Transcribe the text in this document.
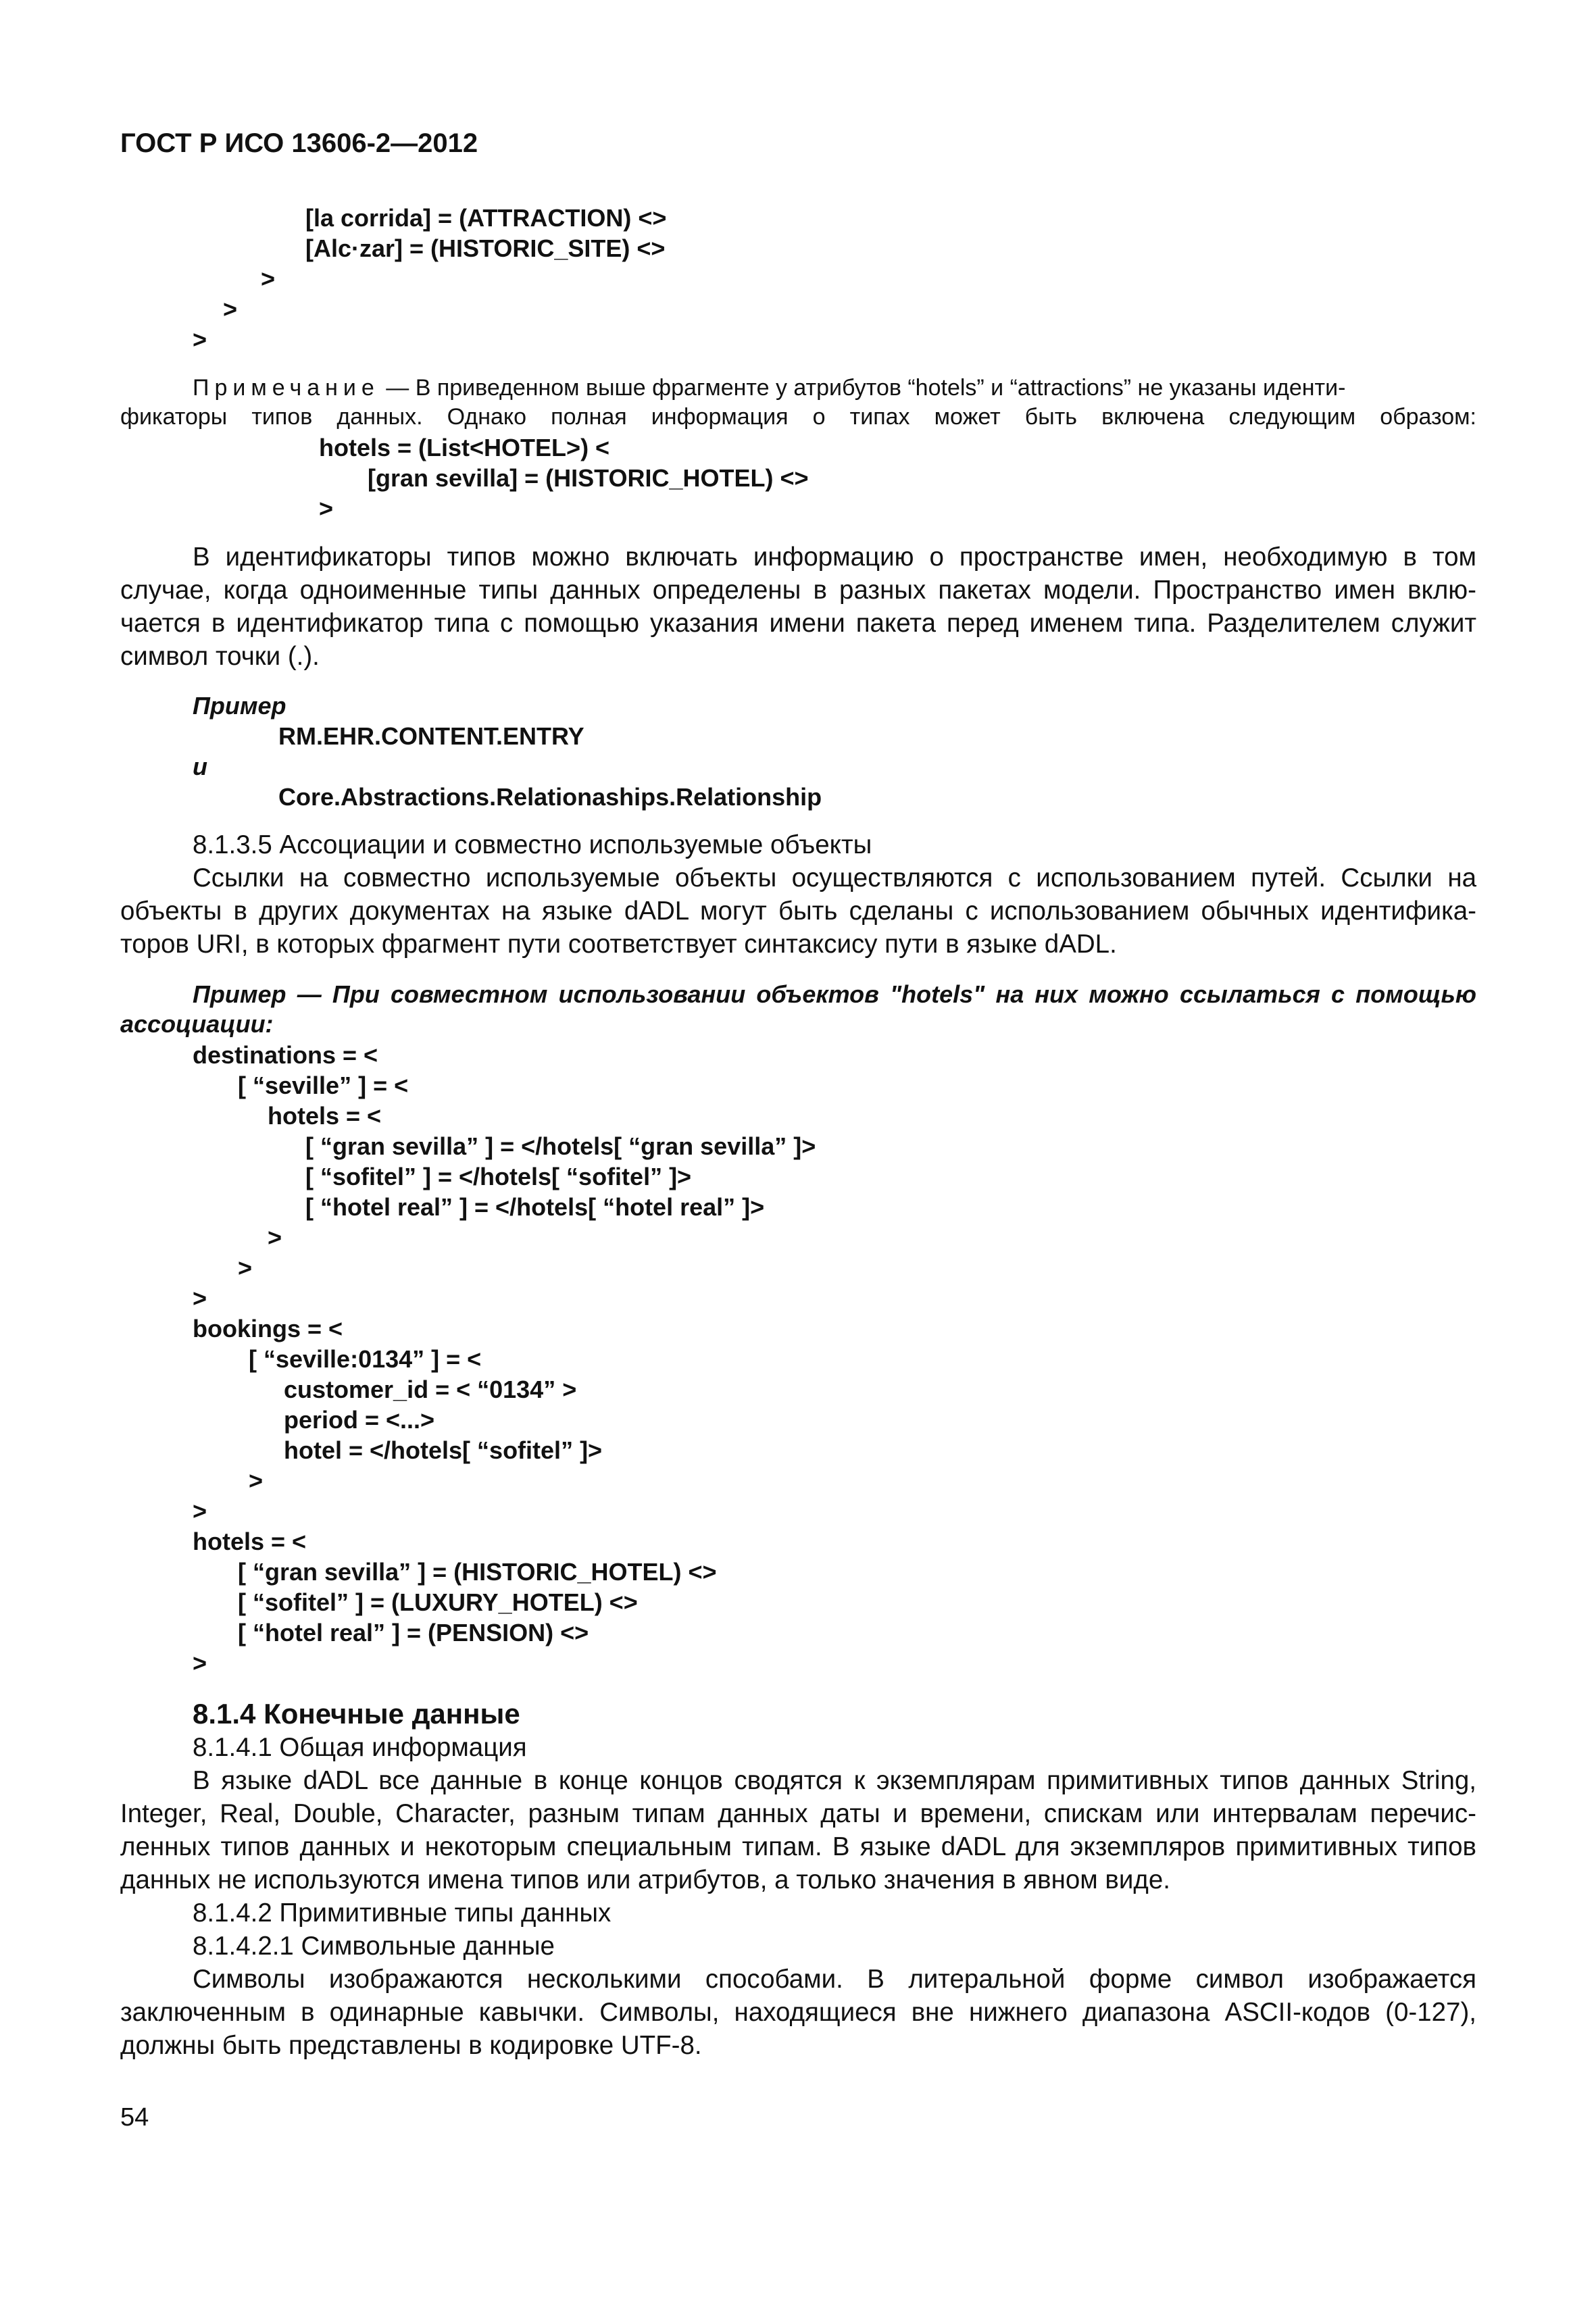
ГОСТ Р ИСО 13606-2—2012
[la corrida] = (ATTRACTION) <>
[Alc·zar] = (HISTORIC_SITE) <>
>
>
>
Примечание — В приведенном выше фрагменте у атрибутов “hotels” и “attractions” не указаны иденти-
фикаторы типов данных. Однако полная информация о типах может быть включена следующим образом:
hotels = (List<HOTEL>) <
[gran sevilla] = (HISTORIC_HOTEL) <>
>
В идентификаторы типов можно включать информацию о пространстве имен, необходимую в том
случае, когда одноименные типы данных определены в разных пакетах модели. Пространство имен вклю-
чается в идентификатор типа с помощью указания имени пакета перед именем типа. Разделителем служит
символ точки (.).
Пример
RM.EHR.CONTENT.ENTRY
и
Core.Abstractions.Relationaships.Relationship
8.1.3.5 Ассоциации и совместно используемые объекты
Ссылки на совместно используемые объекты осуществляются с использованием путей. Ссылки на
объекты в других документах на языке dADL могут быть сделаны с использованием обычных идентифика-
торов URI, в которых фрагмент пути соответствует синтаксису пути в языке dADL.
Пример — При совместном использовании объектов "hotels" на них можно ссылаться с помощью
ассоциации:
destinations = <
[ “seville” ] = <
hotels = <
[ “gran sevilla” ] = </hotels[ “gran sevilla” ]>
[ “sofitel” ] = </hotels[ “sofitel” ]>
[ “hotel real” ] = </hotels[ “hotel real” ]>
>
>
>
bookings = <
[ “seville:0134” ] = <
customer_id = < “0134” >
period = <...>
hotel = </hotels[ “sofitel” ]>
>
>
hotels = <
[ “gran sevilla” ] = (HISTORIC_HOTEL) <>
[ “sofitel” ] = (LUXURY_HOTEL) <>
[ “hotel real” ] = (PENSION) <>
>
8.1.4 Конечные данные
8.1.4.1 Общая информация
В языке dADL все данные в конце концов сводятся к экземплярам примитивных типов данных String,
Integer, Real, Double, Character, разным типам данных даты и времени, спискам или интервалам перечис-
ленных типов данных и некоторым специальным типам. В языке dADL для экземпляров примитивных типов
данных не используются имена типов или атрибутов, а только значения в явном виде.
8.1.4.2 Примитивные типы данных
8.1.4.2.1 Символьные данные
Символы изображаются несколькими способами. В литеральной форме символ изображается
заключенным в одинарные кавычки. Символы, находящиеся вне нижнего диапазона ASCII-кодов (0-127),
должны быть представлены в кодировке UTF-8.
54
